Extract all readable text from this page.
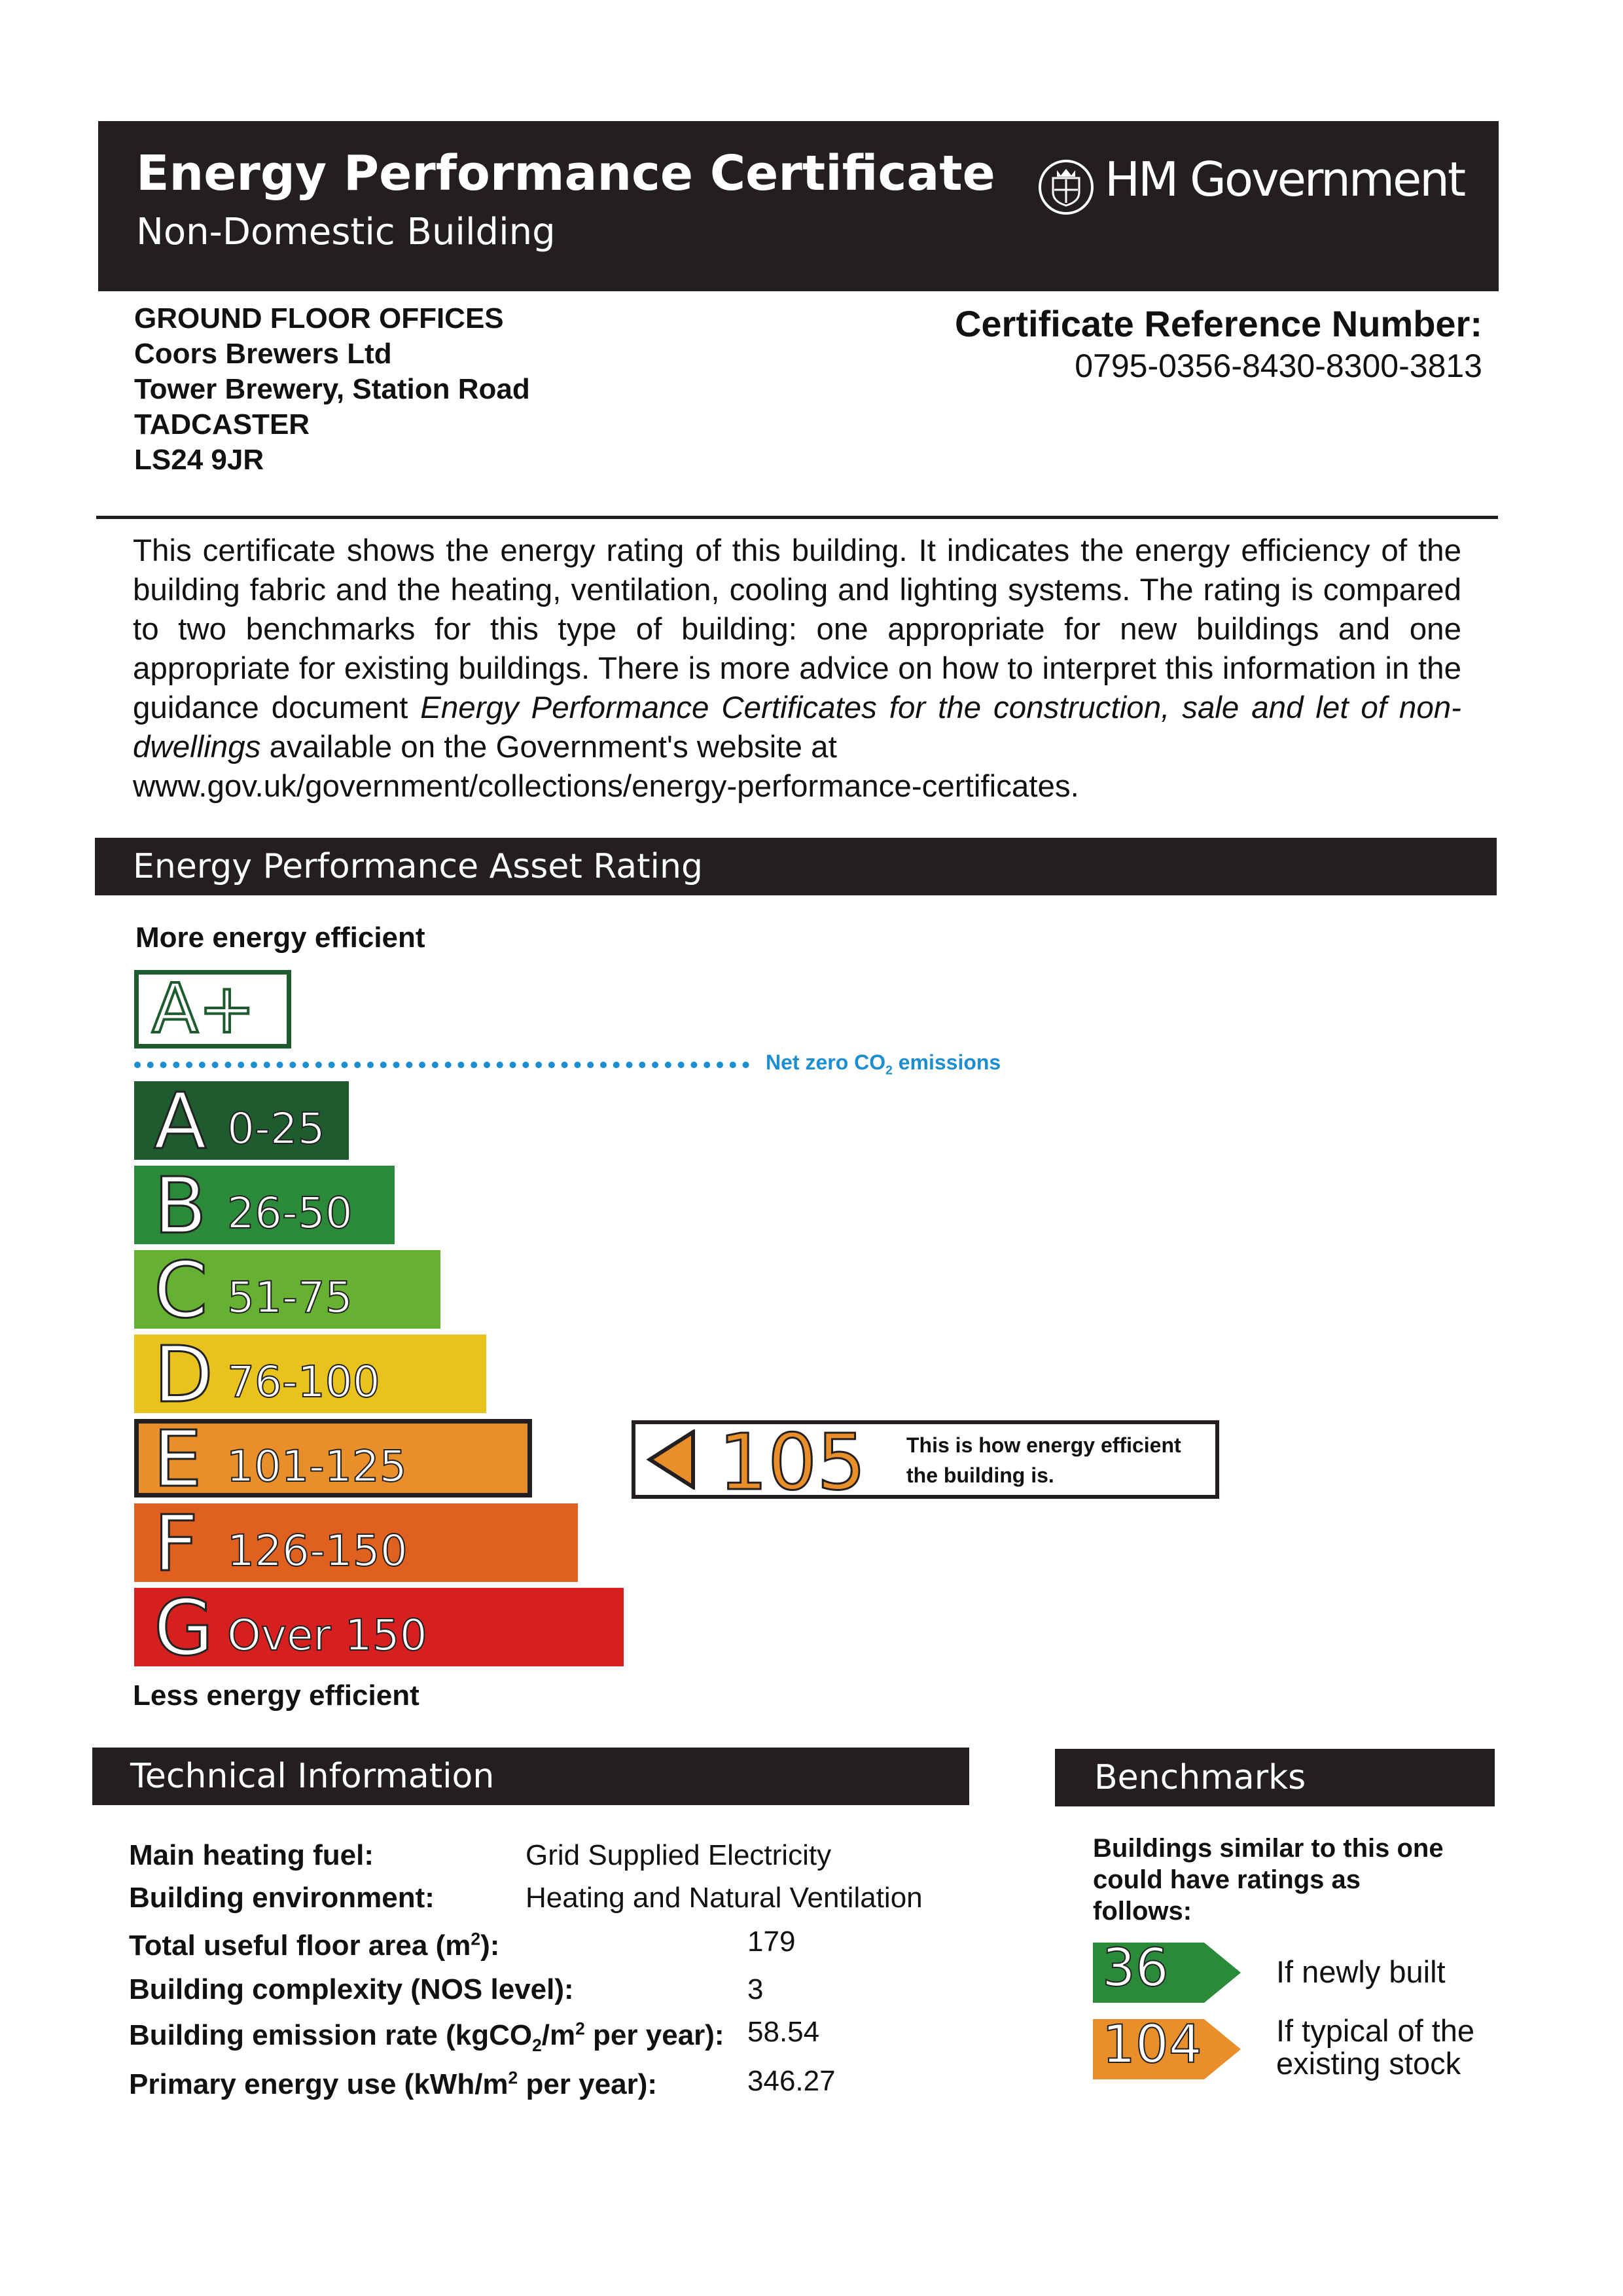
Energy Performance Certificate
Non-Domestic Building
HM Government
GROUND FLOOR OFFICES
Coors Brewers Ltd
Tower Brewery, Station Road
TADCASTER
LS24 9JR
Certificate Reference Number:
0795-0356-8430-8300-3813
This certificate shows the energy rating of this building. It indicates the energy efficiency of the building fabric and the heating, ventilation, cooling and lighting systems. The rating is compared to two benchmarks for this type of building: one appropriate for new buildings and one appropriate for existing buildings. There is more advice on how to interpret this information in the guidance document Energy Performance Certificates for the construction, sale and let of non-dwellings available on the Government's website at
www.gov.uk/government/collections/energy-performance-certificates.
Energy Performance Asset Rating
More energy efficient
A+
Net zero $CO_2$ emissions
A 0-25
B 26-50
C 51-75
D 76-100
E 101-125
F 126-150
G Over 150
Less energy efficient
105 This is how energy efficient the building is.
Technical Information
Main heating fuel:	Grid Supplied Electricity
Building environment:	Heating and Natural Ventilation
Total useful floor area $(m^2)$:	179
Building complexity (NOS level):	3
Building emission rate ($kgCO_2/m^2$ per year): 58.54
Primary energy use ($kWh/m^2$ per year):	346.27
Benchmarks
Buildings similar to this one could have ratings as follows:
36	If newly built
104 If typical of the
existing stock
